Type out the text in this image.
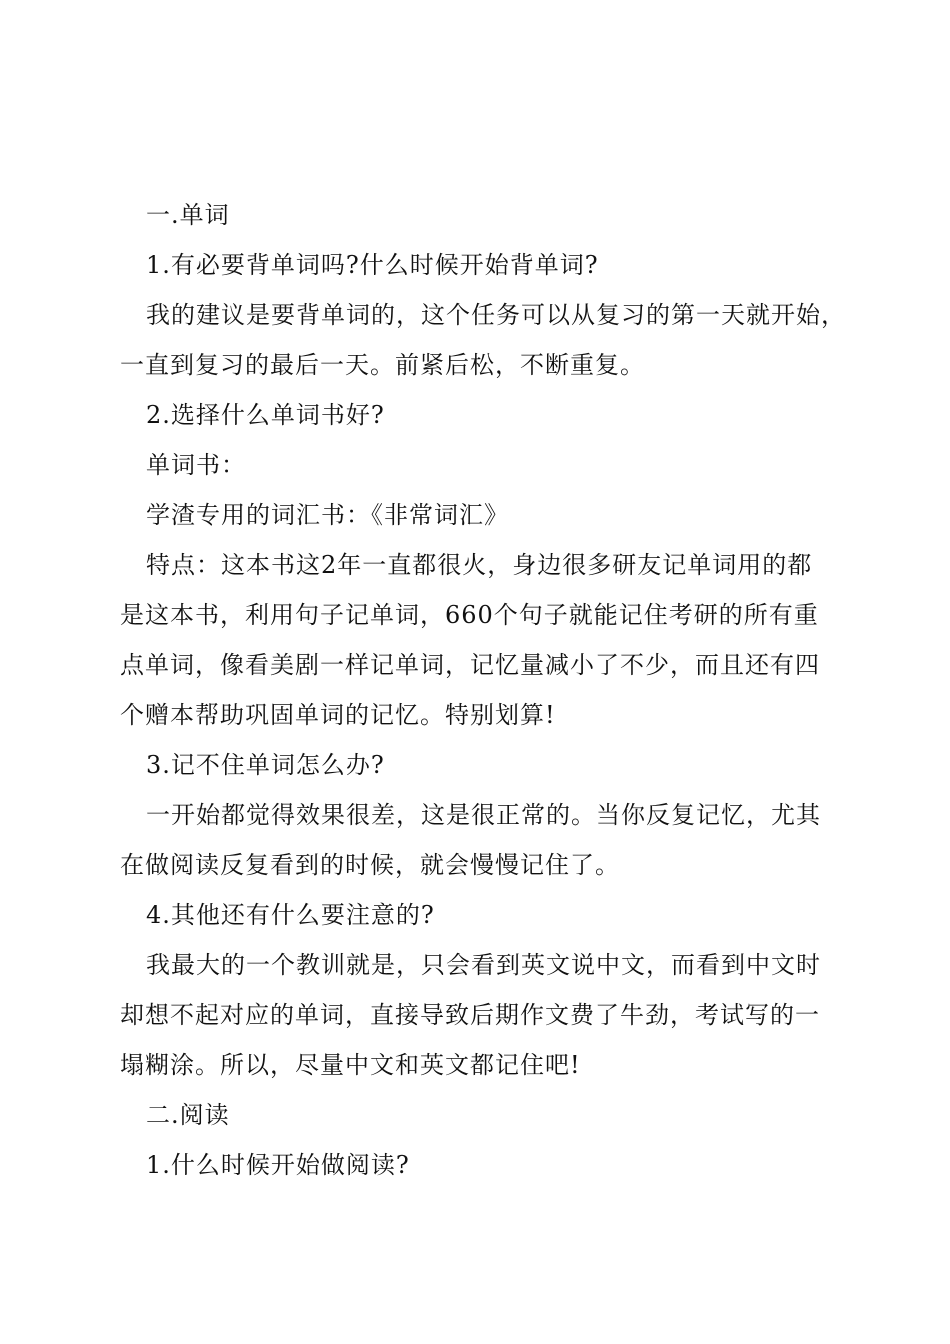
一.单词
1.有必要背单词吗?什么时候开始背单词?
我的建议是要背单词的，这个任务可以从复习的第一天就开始，
一直到复习的最后一天。前紧后松，不断重复。
2.选择什么单词书好?
单词书：
学渣专用的词汇书：《非常词汇》
特点：这本书这2年一直都很火，身边很多研友记单词用的都
是这本书，利用句子记单词，660个句子就能记住考研的所有重
点单词，像看美剧一样记单词，记忆量减小了不少，而且还有四
个赠本帮助巩固单词的记忆。特别划算!
3.记不住单词怎么办?
一开始都觉得效果很差，这是很正常的。当你反复记忆，尤其
在做阅读反复看到的时候，就会慢慢记住了。
4.其他还有什么要注意的?
我最大的一个教训就是，只会看到英文说中文，而看到中文时
却想不起对应的单词，直接导致后期作文费了牛劲，考试写的一
塌糊涂。所以，尽量中文和英文都记住吧!
二.阅读
1.什么时候开始做阅读?
